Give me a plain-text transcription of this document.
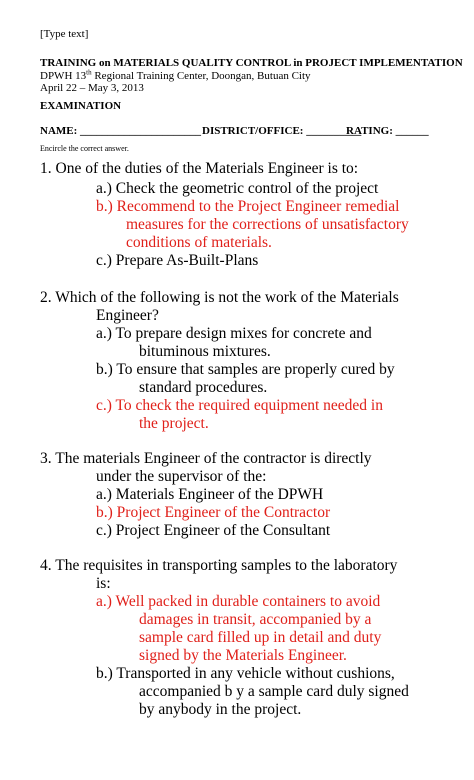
[Type text]
TRAINING on MATERIALS QUALITY CONTROL in PROJECT IMPLEMENTATION
DPWH 13th Regional Training Center, Doongan, Butuan City
April 22 – May 3, 2013
EXAMINATION
NAME: ______________________ DISTRICT/OFFICE: __________
RATING: ______
Encircle the correct answer.
1. One of the duties of the Materials Engineer is to:
a.) Check the geometric control of the project
b.) Recommend to the Project Engineer remedial
measures for the corrections of unsatisfactory
conditions of materials.
c.) Prepare As-Built-Plans
2. Which of the following is not the work of the Materials
Engineer?
a.) To prepare design mixes for concrete and
bituminous mixtures.
b.) To ensure that samples are properly cured by
standard procedures.
c.) To check the required equipment needed in
the project.
3. The materials Engineer of the contractor is directly
under the supervisor of the:
a.) Materials Engineer of the DPWH
b.) Project Engineer of the Contractor
c.) Project Engineer of the Consultant
4. The requisites in transporting samples to the laboratory
is:
a.) Well packed in durable containers to avoid
damages in transit, accompanied by a
sample card filled up in detail and duty
signed by the Materials Engineer.
b.) Transported in any vehicle without cushions,
accompanied b y a sample card duly signed
by anybody in the project.
